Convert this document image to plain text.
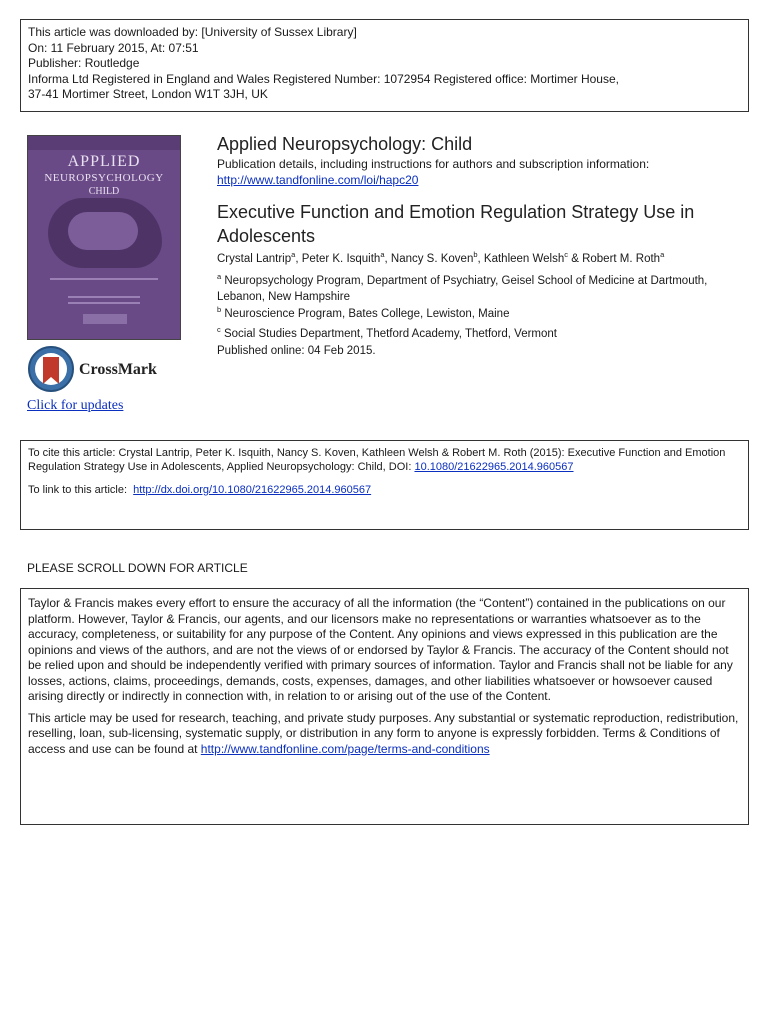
This article was downloaded by: [University of Sussex Library]
On: 11 February 2015, At: 07:51
Publisher: Routledge
Informa Ltd Registered in England and Wales Registered Number: 1072954 Registered office: Mortimer House,
37-41 Mortimer Street, London W1T 3JH, UK
APPLIED
NEUROPSYCHOLOGY
CHILD
CrossMark
Click for updates
Applied Neuropsychology: Child
Publication details, including instructions for authors and subscription information:
http://www.tandfonline.com/loi/hapc20
Executive Function and Emotion Regulation Strategy Use in Adolescents
Crystal Lantrip$^a$, Peter K. Isquith$^a$, Nancy S. Koven$^b$, Kathleen Welsh$^c$ & Robert M. Roth$^a$
$^a$ Neuropsychology Program, Department of Psychiatry, Geisel School of Medicine at Dartmouth, Lebanon, New Hampshire
$^b$ Neuroscience Program, Bates College, Lewiston, Maine
$^c$ Social Studies Department, Thetford Academy, Thetford, Vermont
Published online: 04 Feb 2015.
To cite this article: Crystal Lantrip, Peter K. Isquith, Nancy S. Koven, Kathleen Welsh & Robert M. Roth (2015): Executive Function and Emotion Regulation Strategy Use in Adolescents, Applied Neuropsychology: Child, DOI: 10.1080/21622965.2014.960567
To link to this article: http://dx.doi.org/10.1080/21622965.2014.960567
PLEASE SCROLL DOWN FOR ARTICLE

Taylor & Francis makes every effort to ensure the accuracy of all the information (the “Content”) contained in the publications on our platform. However, Taylor & Francis, our agents, and our licensors make no representations or warranties whatsoever as to the accuracy, completeness, or suitability for any purpose of the Content. Any opinions and views expressed in this publication are the opinions and views of the authors, and are not the views of or endorsed by Taylor & Francis. The accuracy of the Content should not be relied upon and should be independently verified with primary sources of information. Taylor and Francis shall not be liable for any losses, actions, claims, proceedings, demands, costs, expenses, damages, and other liabilities whatsoever or howsoever caused arising directly or indirectly in connection with, in relation to or arising out of the use of the Content.

This article may be used for research, teaching, and private study purposes. Any substantial or systematic reproduction, redistribution, reselling, loan, sub-licensing, systematic supply, or distribution in any form to anyone is expressly forbidden. Terms & Conditions of access and use can be found at http://www.tandfonline.com/page/terms-and-conditions
